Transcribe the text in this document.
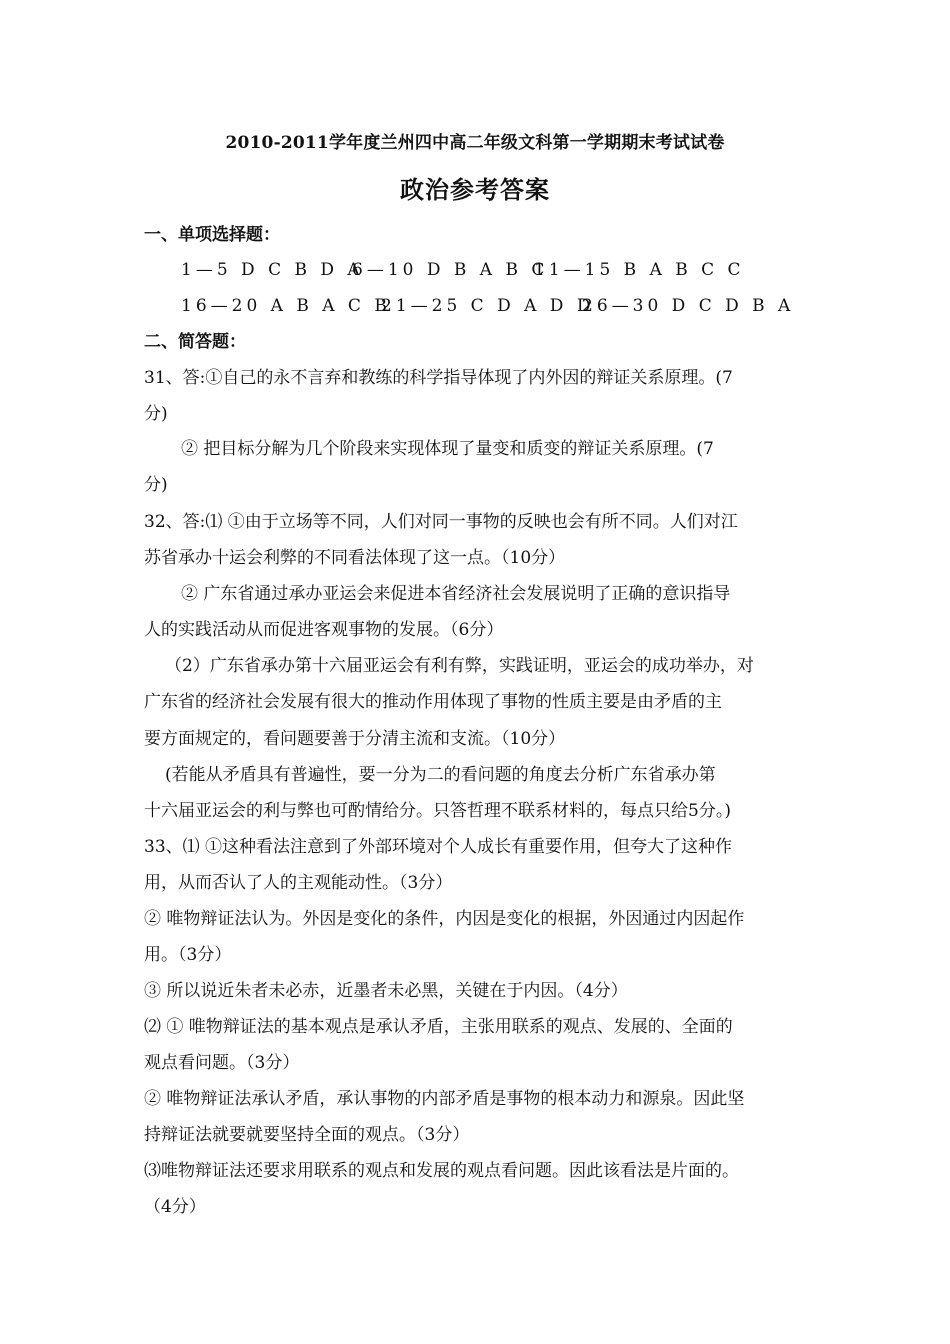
2010-2011学年度兰州四中高二年级文科第一学期期末考试试卷
政治参考答案
一、单项选择题：
1—5 D C B D A6—10 D B A B C11—15 B A B C C
16—20 A B A C B21—25 C D A D D26—30 D C D B A
二、简答题：
31、答:①自己的永不言弃和教练的科学指导体现了内外因的辩证关系原理。(7
分)
② 把目标分解为几个阶段来实现体现了量变和质变的辩证关系原理。(7
分)
32、答:⑴ ①由于立场等不同，人们对同一事物的反映也会有所不同。人们对江
苏省承办十运会利弊的不同看法体现了这一点。（10分）
② 广东省通过承办亚运会来促进本省经济社会发展说明了正确的意识指导
人的实践活动从而促进客观事物的发展。（6分）
（2）广东省承办第十六届亚运会有利有弊，实践证明，亚运会的成功举办，对
广东省的经济社会发展有很大的推动作用体现了事物的性质主要是由矛盾的主
要方面规定的，看问题要善于分清主流和支流。（10分）
(若能从矛盾具有普遍性，要一分为二的看问题的角度去分析广东省承办第
十六届亚运会的利与弊也可酌情给分。只答哲理不联系材料的，每点只给5分。)
33、⑴ ①这种看法注意到了外部环境对个人成长有重要作用，但夸大了这种作
用，从而否认了人的主观能动性。（3分）
② 唯物辩证法认为。外因是变化的条件，内因是变化的根据，外因通过内因起作
用。（3分）
③ 所以说近朱者未必赤，近墨者未必黑，关键在于内因。（4分）
⑵ ① 唯物辩证法的基本观点是承认矛盾，主张用联系的观点、发展的、全面的
观点看问题。（3分）
② 唯物辩证法承认矛盾，承认事物的内部矛盾是事物的根本动力和源泉。因此坚
持辩证法就要就要坚持全面的观点。（3分）
⑶唯物辩证法还要求用联系的观点和发展的观点看问题。因此该看法是片面的。
（4分）
